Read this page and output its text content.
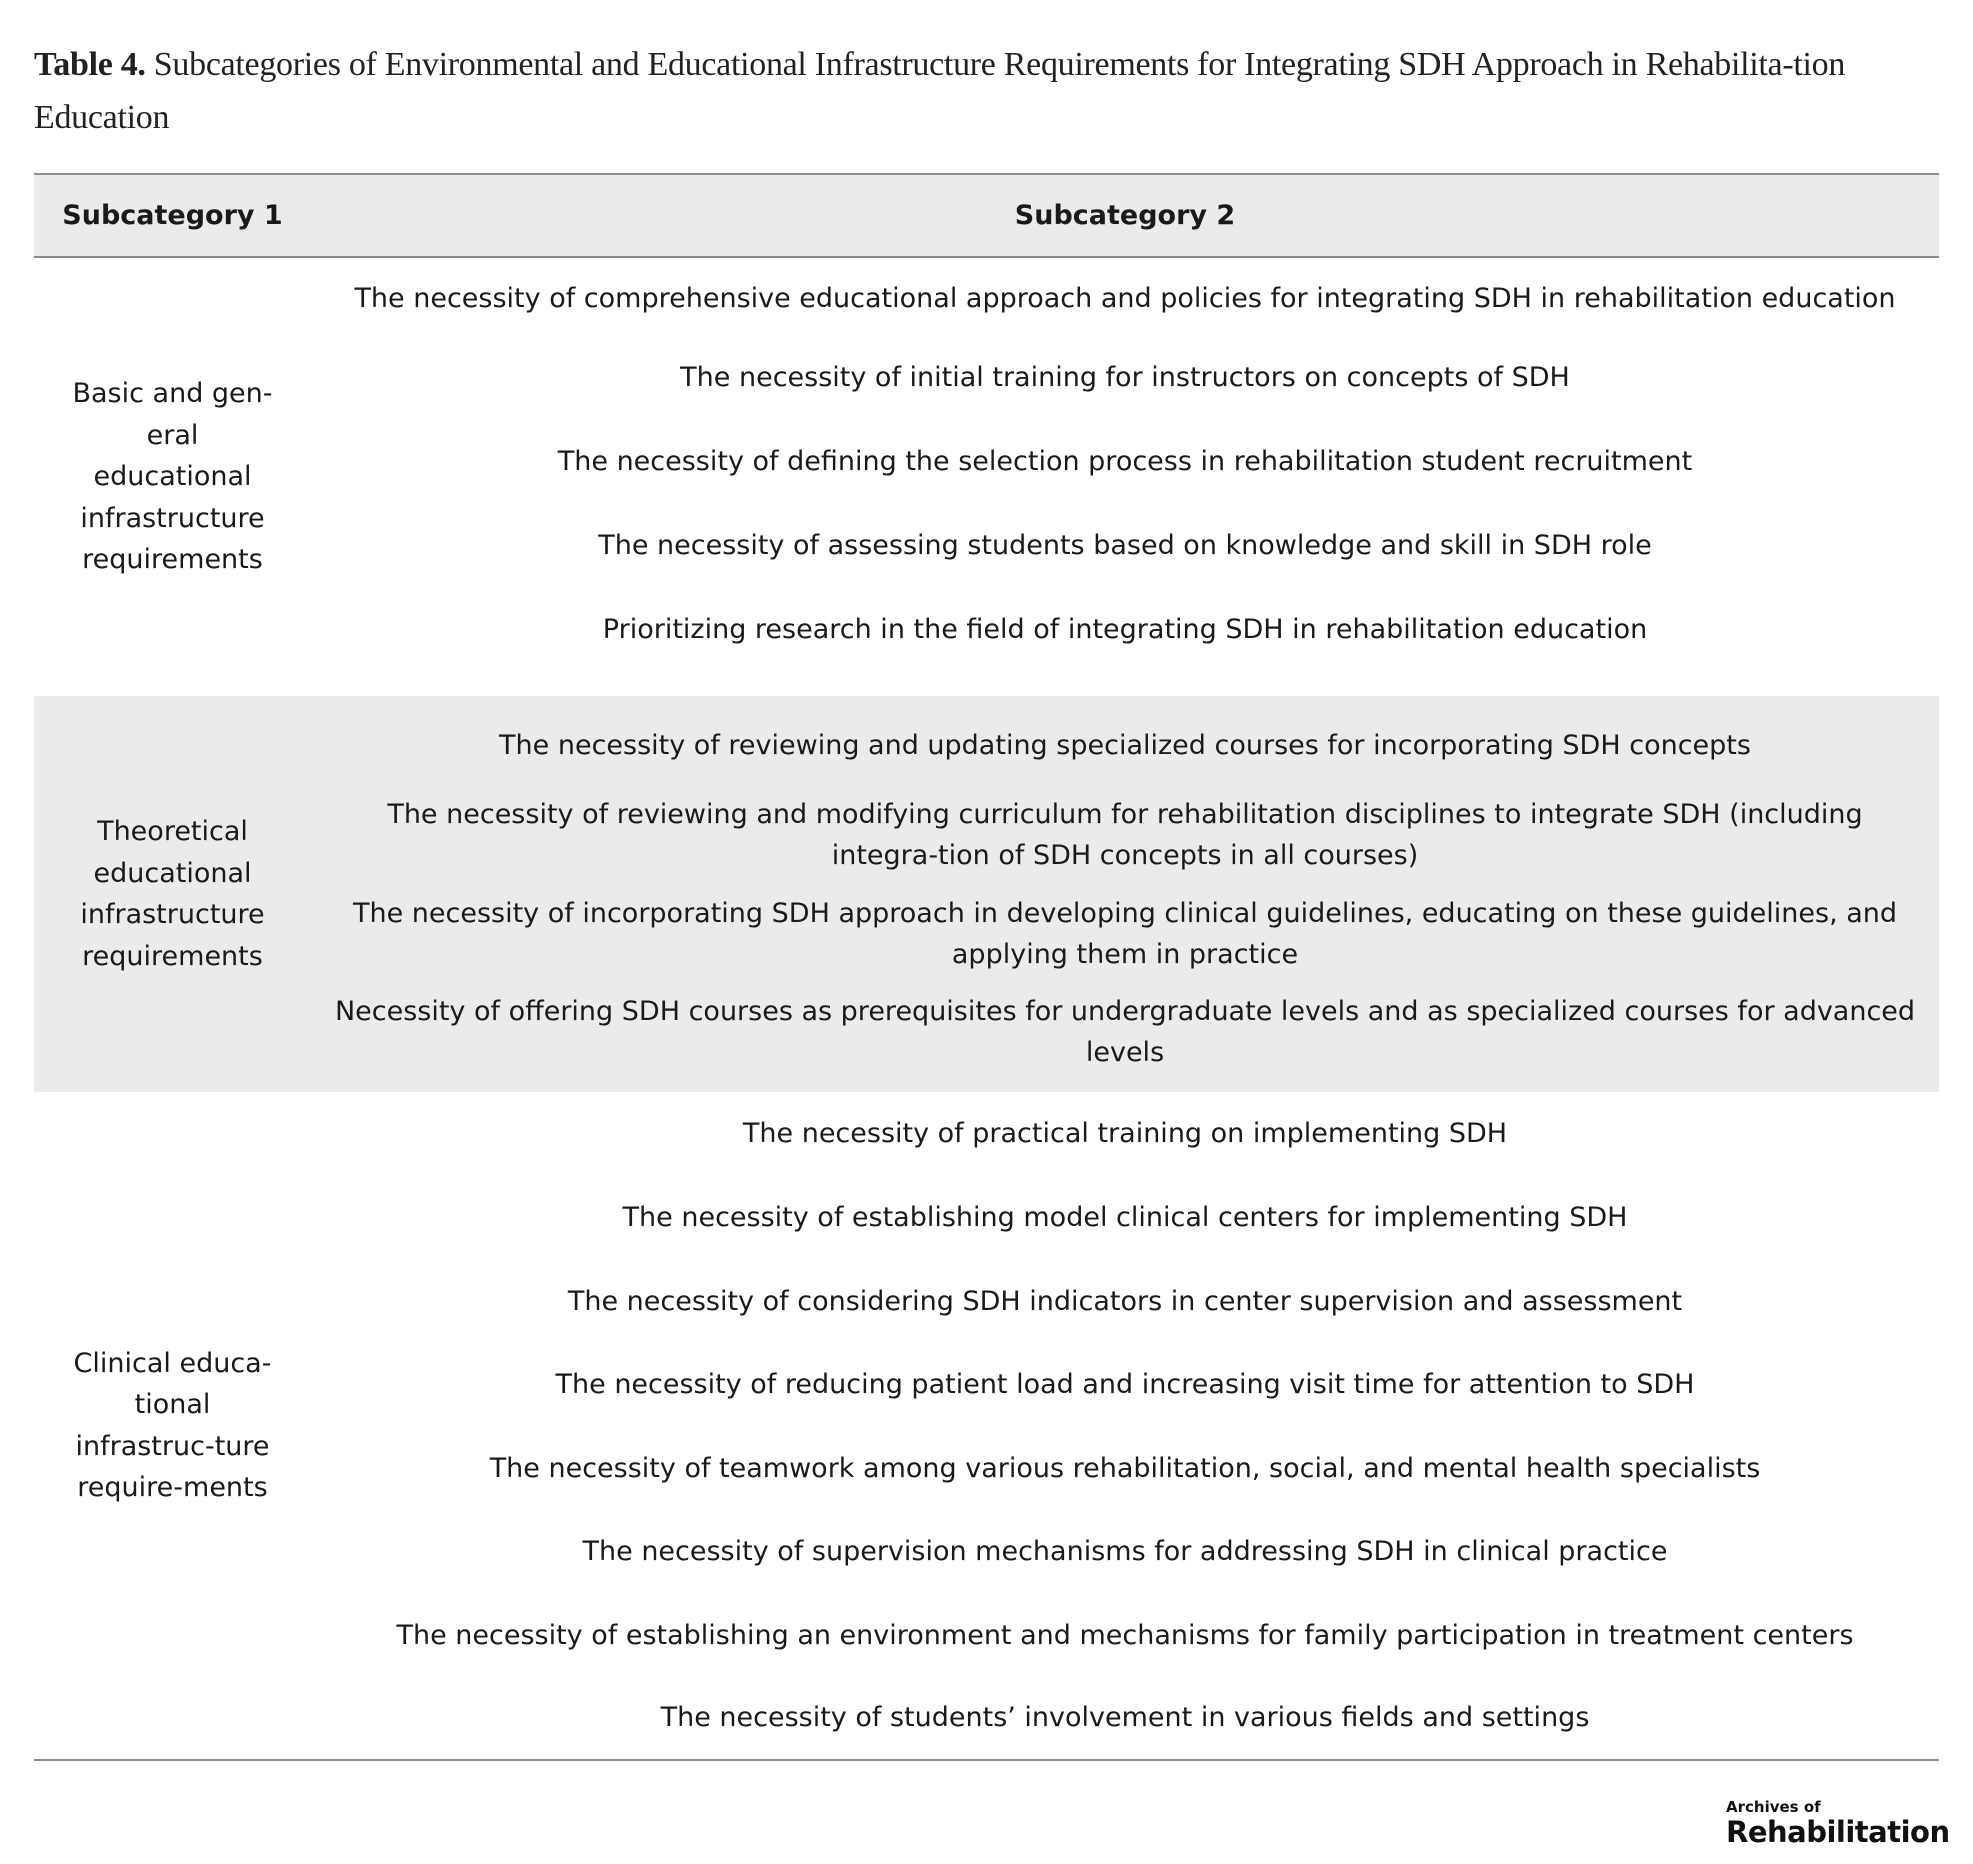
Table 4. Subcategories of Environmental and Educational Infrastructure Requirements for Integrating SDH Approach in Rehabilita-tion Education
Subcategory 1	Subcategory 2
Basic and gen-eral educational infrastructure requirements
The necessity of comprehensive educational approach and policies for integrating SDH in rehabilitation education
The necessity of initial training for instructors on concepts of SDH
The necessity of defining the selection process in rehabilitation student recruitment
The necessity of assessing students based on knowledge and skill in SDH role
Prioritizing research in the field of integrating SDH in rehabilitation education
Theoretical educational infrastructure requirements
The necessity of reviewing and updating specialized courses for incorporating SDH concepts
The necessity of reviewing and modifying curriculum for rehabilitation disciplines to integrate SDH (including integra-tion of SDH concepts in all courses)
The necessity of incorporating SDH approach in developing clinical guidelines, educating on these guidelines, and applying them in practice
Necessity of offering SDH courses as prerequisites for undergraduate levels and as specialized courses for advanced levels
Clinical educa-tional infrastruc-ture require-ments
The necessity of practical training on implementing SDH
The necessity of establishing model clinical centers for implementing SDH
The necessity of considering SDH indicators in center supervision and assessment
The necessity of reducing patient load and increasing visit time for attention to SDH
The necessity of teamwork among various rehabilitation, social, and mental health specialists
The necessity of supervision mechanisms for addressing SDH in clinical practice
The necessity of establishing an environment and mechanisms for family participation in treatment centers
The necessity of students’ involvement in various fields and settings
Archives of
Rehabilitation
